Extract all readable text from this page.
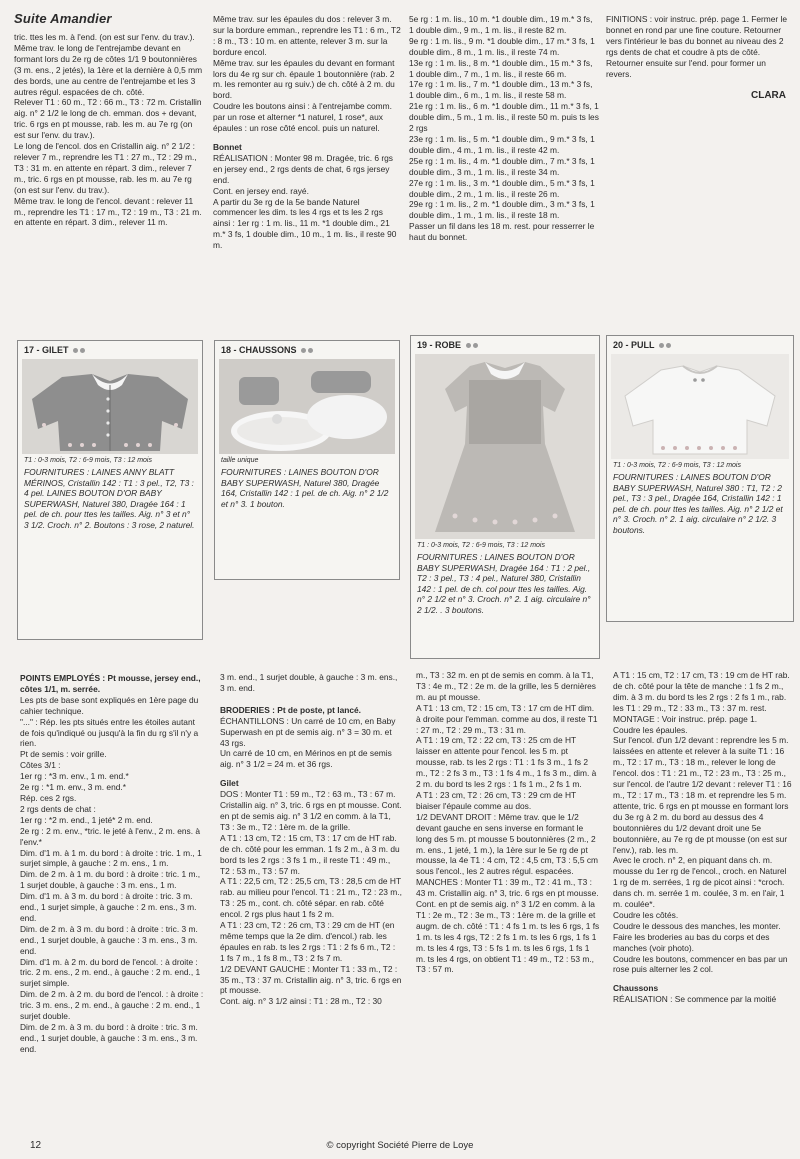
Suite Amandier

tric. ttes les m. à l'end. (on est sur l'env. du trav.). Même trav. le long de l'entrejambe devant en formant lors du 2e rg de côtes 1/1 9 boutonnières (3 m. ens., 2 jetés), la 1ère et la dernière à 0,5 mm des bords, une au centre de l'entrejambe et les 3 autres régul. espacées de ch. côté.

Relever T1 : 60 m., T2 : 66 m., T3 : 72 m. Cristallin aig. n° 2 1/2 le long de ch. emman. dos + devant, tric. 6 rgs en pt mousse, rab. les m. au 7e rg (on est sur l'env. du trav.).

Le long de l'encol. dos en Cristallin aig. n° 2 1/2 : relever 7 m., reprendre les T1 : 27 m., T2 : 29 m., T3 : 31 m. en attente en répart. 3 dim., relever 7 m., tric. 6 rgs en pt mousse, rab. les m. au 7e rg (on est sur l'env. du trav.).

Même trav. le long de l'encol. devant : relever 11 m., reprendre les T1 : 17 m., T2 : 19 m., T3 : 21 m. en attente en répart. 3 dim., relever 11 m.

Même trav. sur les épaules du dos : relever 3 m. sur la bordure emman., reprendre les T1 : 6 m., T2 : 8 m., T3 : 10 m. en attente, relever 3 m. sur la bordure encol.

Même trav. sur les épaules du devant en formant lors du 4e rg sur ch. épaule 1 boutonnière (rab. 2 m. les remonter au rg suiv.) de ch. côté à 2 m. du bord.

Coudre les boutons ainsi : à l'entrejambe comm. par un rose et alterner *1 naturel, 1 rose*, aux épaules : un rose côté encol. puis un naturel.

Bonnet

RÉALISATION : Monter 98 m. Dragée, tric. 6 rgs en jersey end., 2 rgs dents de chat, 6 rgs jersey end.

Cont. en jersey end. rayé.

A partir du 3e rg de la 5e bande Naturel commencer les dim. ts les 4 rgs et ts les 2 rgs ainsi : 1er rg : 1 m. lis., 11 m. *1 double dim., 21 m.* 3 fs, 1 double dim., 10 m., 1 m. lis., il reste 90 m.

5e rg : 1 m. lis., 10 m. *1 double dim., 19 m.* 3 fs, 1 double dim., 9 m., 1 m. lis., il reste 82 m.

9e rg : 1 m. lis., 9 m. *1 double dim., 17 m.* 3 fs, 1 double dim., 8 m., 1 m. lis., il reste 74 m.

13e rg : 1 m. lis., 8 m. *1 double dim., 15 m.* 3 fs, 1 double dim., 7 m., 1 m. lis., il reste 66 m.

17e rg : 1 m. lis., 7 m. *1 double dim., 13 m.* 3 fs, 1 double dim., 6 m., 1 m. lis., il reste 58 m.

21e rg : 1 m. lis., 6 m. *1 double dim., 11 m.* 3 fs, 1 double dim., 5 m., 1 m. lis., il reste 50 m. puis ts les 2 rgs

23e rg : 1 m. lis., 5 m. *1 double dim., 9 m.* 3 fs, 1 double dim., 4 m., 1 m. lis., il reste 42 m.

25e rg : 1 m. lis., 4 m. *1 double dim., 7 m.* 3 fs, 1 double dim., 3 m., 1 m. lis., il reste 34 m.

27e rg : 1 m. lis., 3 m. *1 double dim., 5 m.* 3 fs, 1 double dim., 2 m., 1 m. lis., il reste 26 m.

29e rg : 1 m. lis., 2 m. *1 double dim., 3 m.* 3 fs, 1 double dim., 1 m., 1 m. lis., il reste 18 m.

Passer un fil dans les 18 m. rest. pour resserrer le haut du bonnet.

FINITIONS : voir instruc. prép. page 1. Fermer le bonnet en rond par une fine couture. Retourner vers l'intérieur le bas du bonnet au niveau des 2 rgs dents de chat et coudre à pts de côté. Retourner ensuite sur l'end. pour former un revers.

CLARA
17 - GILET
T1 : 0-3 mois, T2 : 6-9 mois, T3 : 12 mois
FOURNITURES : LAINES ANNY BLATT MÉRINOS, Cristallin 142 : T1 : 3 pel., T2, T3 : 4 pel. LAINES BOUTON D'OR BABY SUPERWASH, Naturel 380, Dragée 164 : 1 pel. de ch. pour ttes les tailles. Aig. n° 3 et n° 3 1/2. Croch. n° 2. Boutons : 3 rose, 2 naturel.
18 - CHAUSSONS
taille unique
FOURNITURES : LAINES BOUTON D'OR BABY SUPERWASH, Naturel 380, Dragée 164, Cristallin 142 : 1 pel. de ch. Aig. n° 2 1/2 et n° 3. 1 bouton.
19 - ROBE
T1 : 0-3 mois, T2 : 6-9 mois, T3 : 12 mois
FOURNITURES : LAINES BOUTON D'OR BABY SUPERWASH, Dragée 164 : T1 : 2 pel., T2 : 3 pel., T3 : 4 pel., Naturel 380, Cristallin 142 : 1 pel. de ch. col pour ttes les tailles. Aig. n° 2 1/2 et n° 3. Croch. n° 2. 1 aig. circulaire n° 2 1/2. . 3 boutons.
20 - PULL
T1 : 0-3 mois, T2 : 6-9 mois, T3 : 12 mois
FOURNITURES : LAINES BOUTON D'OR BABY SUPERWASH, Naturel 380 : T1, T2 : 2 pel., T3 : 3 pel., Dragée 164, Cristallin 142 : 1 pel. de ch. pour ttes les tailles. Aig. n° 2 1/2 et n° 3. Croch. n° 2. 1 aig. circulaire n° 2 1/2. 3 boutons.

POINTS EMPLOYÉS : Pt mousse, jersey end., côtes 1/1, m. serrée.

Les pts de base sont expliqués en 1ère page du cahier technique.

"..." : Rép. les pts situés entre les étoiles autant de fois qu'indiqué ou jusqu'à la fin du rg s'il n'y a rien.

Pt de semis : voir grille.

Côtes 3/1 :

1er rg : *3 m. env., 1 m. end.*

2e rg : *1 m. env., 3 m. end.*

Rép. ces 2 rgs.

2 rgs dents de chat :

1er rg : *2 m. end., 1 jeté* 2 m. end.

2e rg : 2 m. env., *tric. le jeté à l'env., 2 m. ens. à l'env.*

Dim. d'1 m. à 1 m. du bord : à droite : tric. 1 m., 1 surjet simple, à gauche : 2 m. ens., 1 m.

Dim. de 2 m. à 1 m. du bord : à droite : tric. 1 m., 1 surjet double, à gauche : 3 m. ens., 1 m.

Dim. d'1 m. à 3 m. du bord : à droite : tric. 3 m. end., 1 surjet simple, à gauche : 2 m. ens., 3 m. end.

Dim. de 2 m. à 3 m. du bord : à droite : tric. 3 m. end., 1 surjet double, à gauche : 3 m. ens., 3 m. end.

Dim. d'1 m. à 2 m. du bord de l'encol. : à droite : tric. 2 m. ens., 2 m. end., à gauche : 2 m. end., 1 surjet simple.

Dim. de 2 m. à 2 m. du bord de l'encol. : à droite : tric. 3 m. ens., 2 m. end., à gauche : 2 m. end., 1 surjet double.

Dim. de 2 m. à 3 m. du bord : à droite : tric. 3 m. end., 1 surjet double, à gauche : 3 m. ens., 3 m. end.

3 m. end., 1 surjet double, à gauche : 3 m. ens., 3 m. end.

BRODERIES : Pt de poste, pt lancé.

ÉCHANTILLONS : Un carré de 10 cm, en Baby Superwash en pt de semis aig. n° 3 = 30 m. et 43 rgs.

Un carré de 10 cm, en Mérinos en pt de semis aig. n° 3 1/2 = 24 m. et 36 rgs.

Gilet

DOS : Monter T1 : 59 m., T2 : 63 m., T3 : 67 m. Cristallin aig. n° 3, tric. 6 rgs en pt mousse. Cont. en pt de semis aig. n° 3 1/2 en comm. à la T1, T3 : 3e m., T2 : 1ère m. de la grille.

A T1 : 13 cm, T2 : 15 cm, T3 : 17 cm de HT rab. de ch. côté pour les emman. 1 fs 2 m., à 3 m. du bord ts les 2 rgs : 3 fs 1 m., il reste T1 : 49 m., T2 : 53 m., T3 : 57 m.

A T1 : 22,5 cm, T2 : 25,5 cm, T3 : 28,5 cm de HT rab. au milieu pour l'encol. T1 : 21 m., T2 : 23 m., T3 : 25 m., cont. ch. côté sépar. en rab. côté encol. 2 rgs plus haut 1 fs 2 m.

A T1 : 23 cm, T2 : 26 cm, T3 : 29 cm de HT (en même temps que la 2e dim. d'encol.) rab. les épaules en rab. ts les 2 rgs : T1 : 2 fs 6 m., T2 : 1 fs 7 m., 1 fs 8 m., T3 : 2 fs 7 m.

1/2 DEVANT GAUCHE : Monter T1 : 33 m., T2 : 35 m., T3 : 37 m. Cristallin aig. n° 3, tric. 6 rgs en pt mousse.

Cont. aig. n° 3 1/2 ainsi : T1 : 28 m., T2 : 30

m., T3 : 32 m. en pt de semis en comm. à la T1, T3 : 4e m., T2 : 2e m. de la grille, les 5 dernières m. au pt mousse.

A T1 : 13 cm, T2 : 15 cm, T3 : 17 cm de HT dim. à droite pour l'emman. comme au dos, il reste T1 : 27 m., T2 : 29 m., T3 : 31 m.

A T1 : 19 cm, T2 : 22 cm, T3 : 25 cm de HT laisser en attente pour l'encol. les 5 m. pt mousse, rab. ts les 2 rgs : T1 : 1 fs 3 m., 1 fs 2 m., T2 : 2 fs 3 m., T3 : 1 fs 4 m., 1 fs 3 m., dim. à 2 m. du bord ts les 2 rgs : 1 fs 1 m., 2 fs 1 m.

A T1 : 23 cm, T2 : 26 cm, T3 : 29 cm de HT biaiser l'épaule comme au dos.

1/2 DEVANT DROIT : Même trav. que le 1/2 devant gauche en sens inverse en formant le long des 5 m. pt mousse 5 boutonnières (2 m., 2 m. ens., 1 jeté, 1 m.), la 1ère sur le 5e rg de pt mousse, la 4e T1 : 4 cm, T2 : 4,5 cm, T3 : 5,5 cm sous l'encol., les 2 autres régul. espacées.

MANCHES : Monter T1 : 39 m., T2 : 41 m., T3 : 43 m. Cristallin aig. n° 3, tric. 6 rgs en pt mousse.

Cont. en pt de semis aig. n° 3 1/2 en comm. à la T1 : 2e m., T2 : 3e m., T3 : 1ère m. de la grille et augm. de ch. côté : T1 : 4 fs 1 m. ts les 6 rgs, 1 fs 1 m. ts les 4 rgs, T2 : 2 fs 1 m. ts les 6 rgs, 1 fs 1 m. ts les 4 rgs, T3 : 5 fs 1 m. ts les 6 rgs, 1 fs 1 m. ts les 4 rgs, on obtient T1 : 49 m., T2 : 53 m., T3 : 57 m.

A T1 : 15 cm, T2 : 17 cm, T3 : 19 cm de HT rab. de ch. côté pour la tête de manche : 1 fs 2 m., dim. à 3 m. du bord ts les 2 rgs : 2 fs 1 m., rab. les T1 : 29 m., T2 : 33 m., T3 : 37 m. rest.

MONTAGE : Voir instruc. prép. page 1.

Coudre les épaules.

Sur l'encol. d'un 1/2 devant : reprendre les 5 m. laissées en attente et relever à la suite T1 : 16 m., T2 : 17 m., T3 : 18 m., relever le long de l'encol. dos : T1 : 21 m., T2 : 23 m., T3 : 25 m., sur l'encol. de l'autre 1/2 devant : relever T1 : 16 m., T2 : 17 m., T3 : 18 m. et reprendre les 5 m. attente, tric. 6 rgs en pt mousse en formant lors du 3e rg à 2 m. du bord au dessus des 4 boutonnières du 1/2 devant droit une 5e boutonnière, au 7e rg de pt mousse (on est sur l'env.), rab. les m.

Avec le croch. n° 2, en piquant dans ch. m. mousse du 1er rg de l'encol., croch. en Naturel 1 rg de m. serrées, 1 rg de picot ainsi : *croch. dans ch. m. serrée 1 m. coulée, 3 m. en l'air, 1 m. coulée*.

Coudre les côtés.

Coudre le dessous des manches, les monter.

Faire les broderies au bas du corps et des manches (voir photo).

Coudre les boutons, commencer en bas par un rose puis alterner les 2 col.

Chaussons

RÉALISATION : Se commence par la moitié

12	© copyright Société Pierre de Loye
